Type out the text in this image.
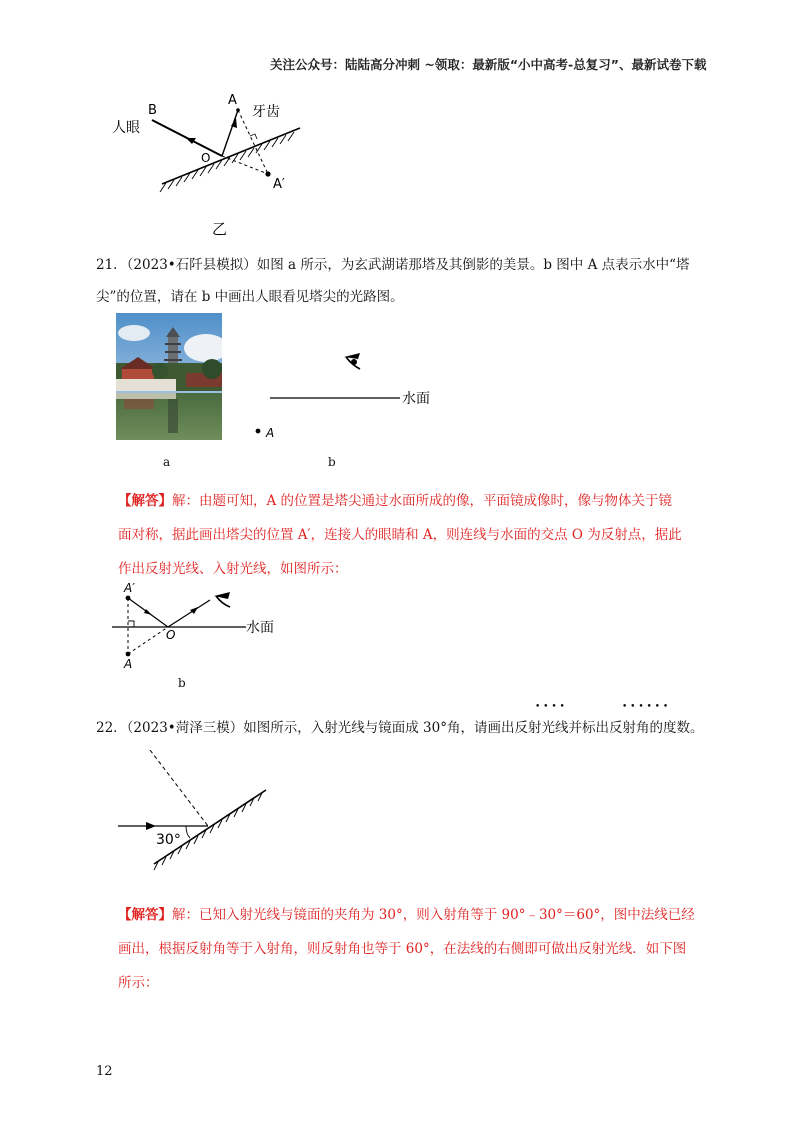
关注公众号：陆陆高分冲刺 ~领取：最新版“小中高考-总复习”、最新试卷下载
B
人眼
A
牙齿
O
A′
乙
21．（2023•石阡县模拟）如图 a 所示，为玄武湖诺那塔及其倒影的美景。b 图中 A 点表示水中“塔
尖”的位置，请在 b 中画出人眼看见塔尖的光路图。
a
水面
A
b
【解答】解：由题可知，A 的位置是塔尖通过水面所成的像，平面镜成像时，像与物体关于镜
面对称，据此画出塔尖的位置 A′，连接人的眼睛和 A，则连线与水面的交点 O 为反射点，据此
作出反射光线、入射光线，如图所示：
水面
A′
O
A
b
• • • •	• • • • • •
22．（2023•菏泽三模）如图所示，入射光线与镜面成 30°角，请画出反射光线并标出反射角的度数。
30°
【解答】解：已知入射光线与镜面的夹角为 30°，则入射角等于 90°﹣30°＝60°，图中法线已经
画出，根据反射角等于入射角，则反射角也等于 60°，在法线的右侧即可做出反射光线．如下图
所示：
12
